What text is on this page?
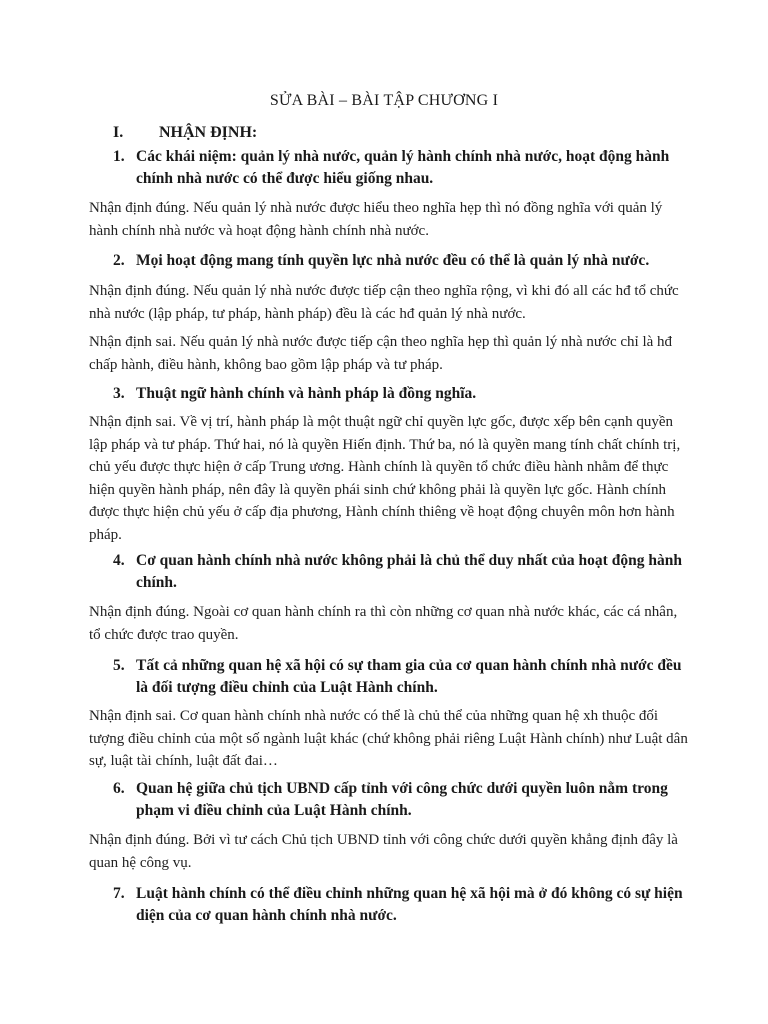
SỬA BÀI – BÀI TẬP CHƯƠNG I
I. NHẬN ĐỊNH:
1. Các khái niệm: quản lý nhà nước, quản lý hành chính nhà nước, hoạt động hành chính nhà nước có thể được hiểu giống nhau.
Nhận định đúng. Nếu quản lý nhà nước được hiểu theo nghĩa hẹp thì nó đồng nghĩa với quản lý hành chính nhà nước và hoạt động hành chính nhà nước.
2. Mọi hoạt động mang tính quyền lực nhà nước đều có thể là quản lý nhà nước.
Nhận định đúng. Nếu quản lý nhà nước được tiếp cận theo nghĩa rộng, vì khi đó all các hđ tổ chức nhà nước (lập pháp, tư pháp, hành pháp) đều là các hđ quản lý nhà nước.
Nhận định sai. Nếu quản lý nhà nước được tiếp cận theo nghĩa hẹp thì quản lý nhà nước chỉ là hđ chấp hành, điều hành, không bao gồm lập pháp và tư pháp.
3. Thuật ngữ hành chính và hành pháp là đồng nghĩa.
Nhận định sai. Về vị trí, hành pháp là một thuật ngữ chỉ quyền lực gốc, được xếp bên cạnh quyền lập pháp và tư pháp. Thứ hai, nó là quyền Hiến định. Thứ ba, nó là quyền mang tính chất chính trị, chủ yếu được thực hiện ở cấp Trung ương. Hành chính là quyền tổ chức điều hành nhằm để thực hiện quyền hành pháp, nên đây là quyền phái sinh chứ không phải là quyền lực gốc. Hành chính được thực hiện chủ yếu ở cấp địa phương, Hành chính thiêng về hoạt động chuyên môn hơn hành pháp.
4. Cơ quan hành chính nhà nước không phải là chủ thể duy nhất của hoạt động hành chính.
Nhận định đúng. Ngoài cơ quan hành chính ra thì còn những cơ quan nhà nước khác, các cá nhân, tổ chức được trao quyền.
5. Tất cả những quan hệ xã hội có sự tham gia của cơ quan hành chính nhà nước đều là đối tượng điều chỉnh của Luật Hành chính.
Nhận định sai. Cơ quan hành chính nhà nước có thể là chủ thể của những quan hệ xh thuộc đối tượng điều chỉnh của một số ngành luật khác (chứ không phải riêng Luật Hành chính) như Luật dân sự, luật tài chính, luật đất đai…
6. Quan hệ giữa chủ tịch UBND cấp tỉnh với công chức dưới quyền luôn nằm trong phạm vi điều chỉnh của Luật Hành chính.
Nhận định đúng. Bởi vì tư cách Chủ tịch UBND tỉnh với công chức dưới quyền khẳng định đây là quan hệ công vụ.
7. Luật hành chính có thể điều chỉnh những quan hệ xã hội mà ở đó không có sự hiện diện của cơ quan hành chính nhà nước.
